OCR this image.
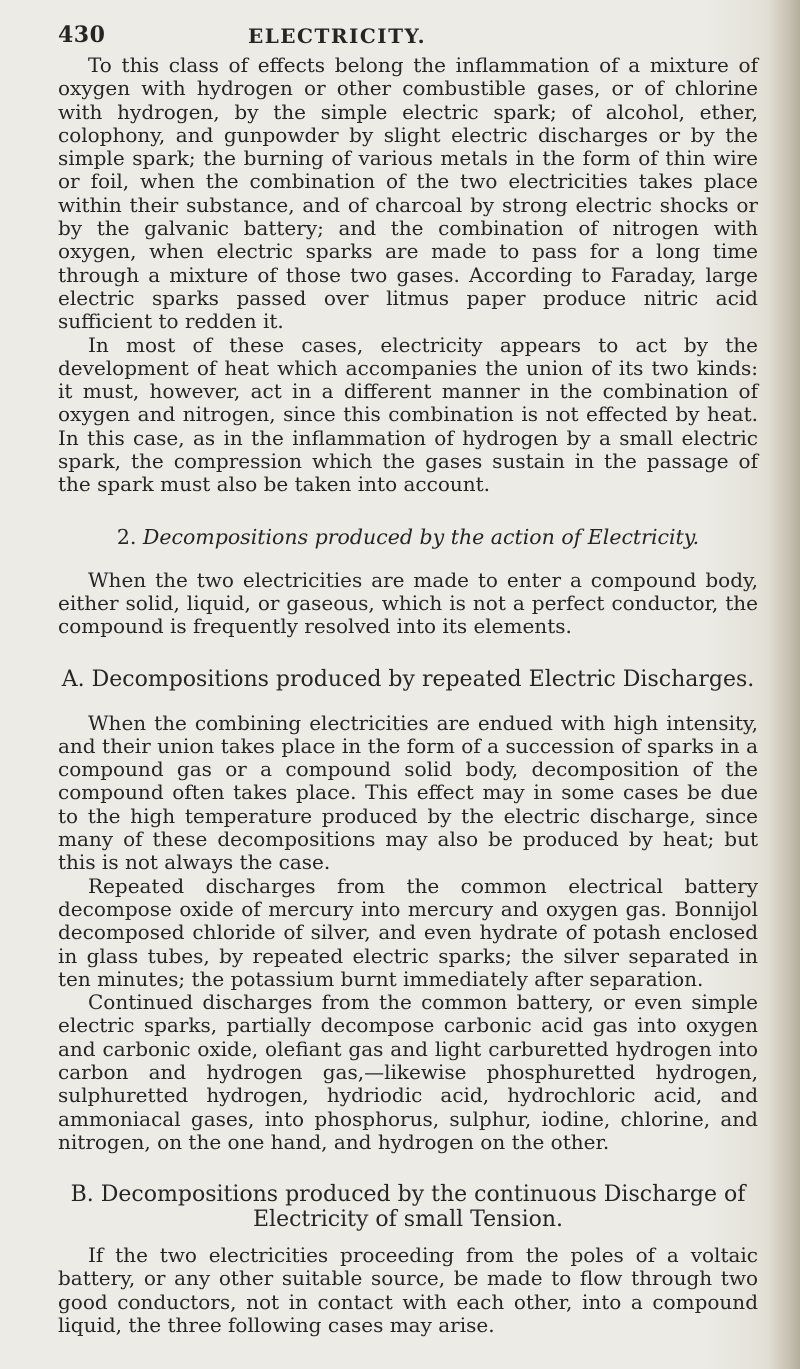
430	ELECTRICITY.

To this class of effects belong the inflammation of a mixture of oxygen with hydrogen or other combustible gases, or of chlorine with hydrogen, by the simple electric spark; of alcohol, ether, colophony, and gunpowder by slight electric discharges or by the simple spark; the burning of various metals in the form of thin wire or foil, when the combination of the two electricities takes place within their substance, and of charcoal by strong electric shocks or by the galvanic battery; and the combination of nitrogen with oxygen, when electric sparks are made to pass for a long time through a mixture of those two gases. According to Faraday, large electric sparks passed over litmus paper produce nitric acid sufficient to redden it.

In most of these cases, electricity appears to act by the development of heat which accompanies the union of its two kinds: it must, however, act in a different manner in the combination of oxygen and nitrogen, since this combination is not effected by heat. In this case, as in the inflammation of hydrogen by a small electric spark, the compression which the gases sustain in the passage of the spark must also be taken into account.

2. Decompositions produced by the action of Electricity.

When the two electricities are made to enter a compound body, either solid, liquid, or gaseous, which is not a perfect conductor, the compound is frequently resolved into its elements.

A. Decompositions produced by repeated Electric Discharges.

When the combining electricities are endued with high intensity, and their union takes place in the form of a succession of sparks in a compound gas or a compound solid body, decomposition of the compound often takes place. This effect may in some cases be due to the high temperature produced by the electric discharge, since many of these decompositions may also be produced by heat; but this is not always the case.

Repeated discharges from the common electrical battery decompose oxide of mercury into mercury and oxygen gas. Bonnijol decomposed chloride of silver, and even hydrate of potash enclosed in glass tubes, by repeated electric sparks; the silver separated in ten minutes; the potassium burnt immediately after separation.

Continued discharges from the common battery, or even simple electric sparks, partially decompose carbonic acid gas into oxygen and carbonic oxide, olefiant gas and light carburetted hydrogen into carbon and hydrogen gas,—likewise phosphuretted hydrogen, sulphuretted hydrogen, hydriodic acid, hydrochloric acid, and ammoniacal gases, into phosphorus, sulphur, iodine, chlorine, and nitrogen, on the one hand, and hydrogen on the other.

B. Decompositions produced by the continuous Discharge of
Electricity of small Tension.

If the two electricities proceeding from the poles of a voltaic battery, or any other suitable source, be made to flow through two good conductors, not in contact with each other, into a compound liquid, the three following cases may arise.
